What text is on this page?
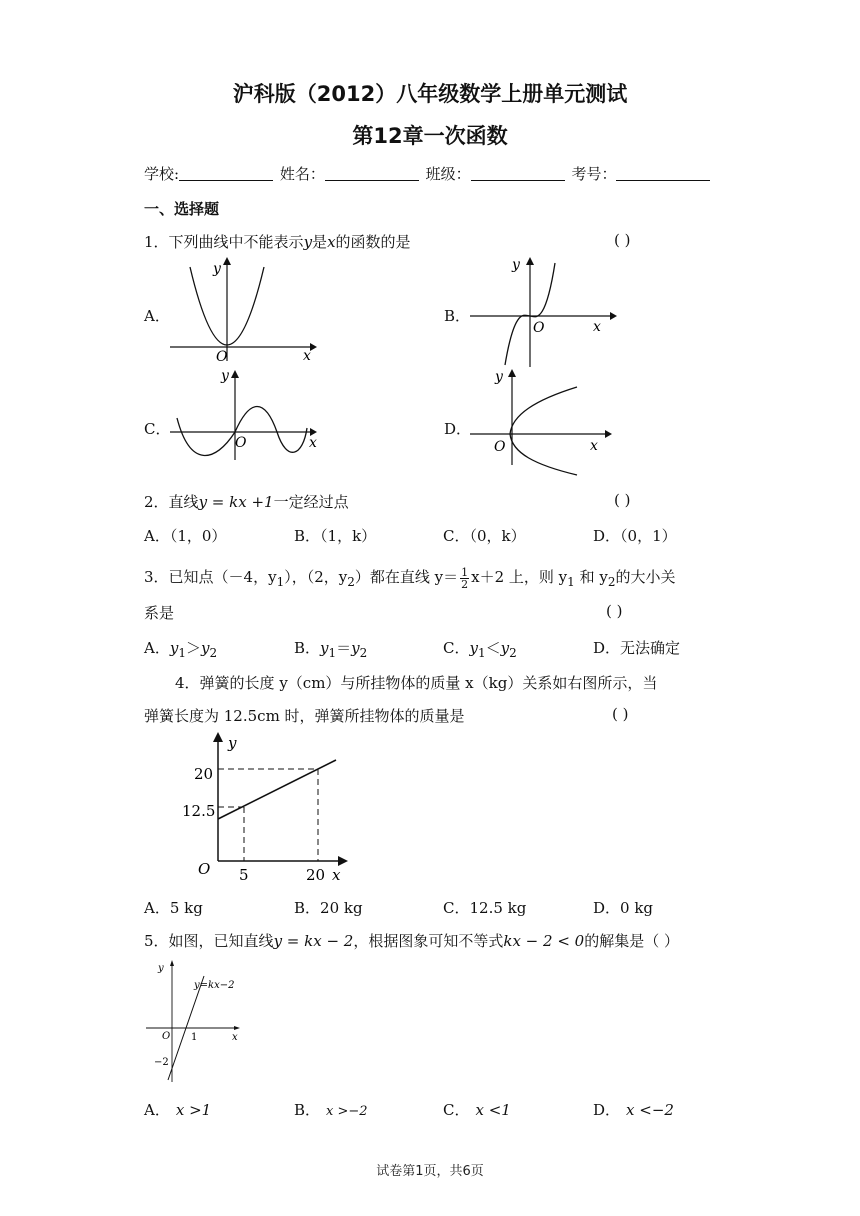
沪科版（2012）八年级数学上册单元测试
第12章一次函数
学校:	姓名：	班级：	考号：
一、选择题
1．下列曲线中不能表示y是x的函数的是	( )
A．	B．
C．	D．
y
x
O
y
x
O
y
x
O
y
x
O
2．直线y = kx +1一定经过点	( )
A．（1，0）	B．（1，k）	C．（0，k）	D．（0，1）
3．已知点（－4，$y_1$），（2，$y_2$）都在直线 $y= \frac{1}{2} x+2$ 上，则 $y_1$ 和 $y_2$的大小关
系是	( )
A．$y_1>y_2$	B．$y_1=y_2$	C．$y_1<y_2$	D．无法确定
4．弹簧的长度 y（cm）与所挂物体的质量 x（kg）关系如右图所示，当
弹簧长度为 12.5cm 时，弹簧所挂物体的质量是	( )
y
20
12.5
O 5	20 x
A．5 kg	B．20 kg	C．12.5 kg	D．0 kg
5．如图，已知直线y = kx − 2，根据图象可知不等式kx − 2 < 0的解集是（ ）
y
y=kx−2
O 1	x
−2
A． x >1	B． x >−2	C． x <1	D． x <−2
试卷第1页，共6页
